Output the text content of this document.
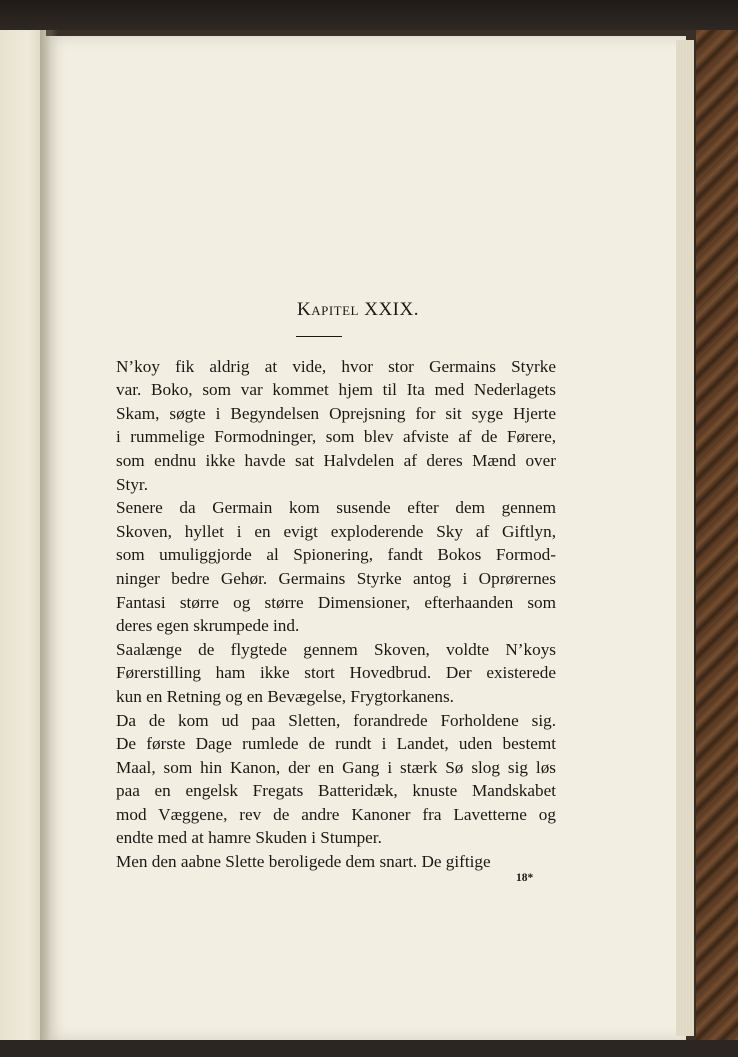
Kapitel XXIX.

N’koy fik aldrig at vide, hvor stor Germains Styrke
var. Boko, som var kommet hjem til Ita med Nederlagets
Skam, søgte i Begyndelsen Oprejsning for sit syge Hjerte
i rummelige Formodninger, som blev afviste af de Førere,
som endnu ikke havde sat Halvdelen af deres Mænd over
Styr.

Senere da Germain kom susende efter dem gennem
Skoven, hyllet i en evigt exploderende Sky af Giftlyn,
som umuliggjorde al Spionering, fandt Bokos Formod-
ninger bedre Gehør. Germains Styrke antog i Oprørernes
Fantasi større og større Dimensioner, efterhaanden som
deres egen skrumpede ind.

Saalænge de flygtede gennem Skoven, voldte N’koys
Førerstilling ham ikke stort Hovedbrud. Der existerede
kun en Retning og en Bevægelse, Frygtorkanens.

Da de kom ud paa Sletten, forandrede Forholdene sig.
De første Dage rumlede de rundt i Landet, uden bestemt
Maal, som hin Kanon, der en Gang i stærk Sø slog sig løs
paa en engelsk Fregats Batteridæk, knuste Mandskabet
mod Væggene, rev de andre Kanoner fra Lavetterne og
endte med at hamre Skuden i Stumper.

Men den aabne Slette beroligede dem snart. De giftige

18*
